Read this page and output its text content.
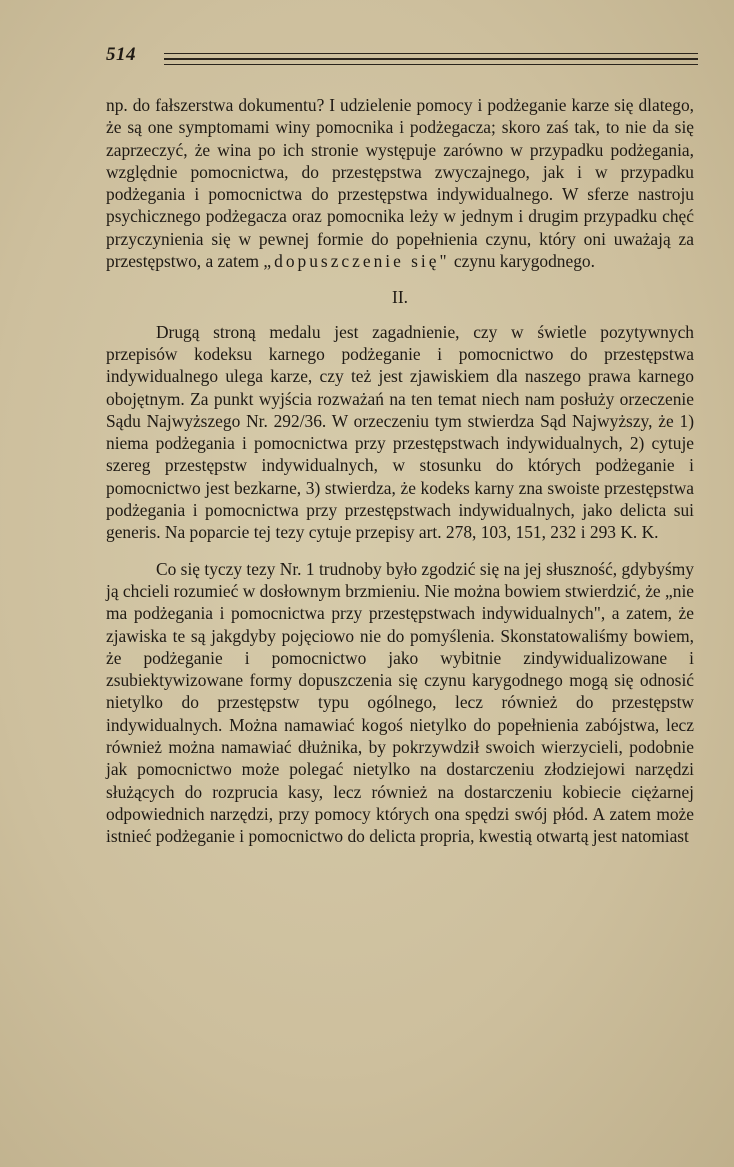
514

np. do fałszerstwa dokumentu? I udzielenie pomocy i podżeganie karze się dlatego, że są one symptomami winy pomocnika i podżegacza; skoro zaś tak, to nie da się zaprzeczyć, że wina po ich stronie występuje zarówno w przypadku podżegania, względnie pomocnictwa, do przestępstwa zwyczajnego, jak i w przypadku podżegania i pomocnictwa do przestępstwa indywidualnego. W sferze nastroju psychicznego podżegacza oraz pomocnika leży w jednym i drugim przypadku chęć przyczynienia się w pewnej formie do popełnienia czynu, który oni uważają za przestępstwo, a zatem „dopuszczenie się" czynu karygodnego.

II.

Drugą stroną medalu jest zagadnienie, czy w świetle pozytywnych przepisów kodeksu karnego podżeganie i pomocnictwo do przestępstwa indywidualnego ulega karze, czy też jest zjawiskiem dla naszego prawa karnego obojętnym. Za punkt wyjścia rozważań na ten temat niech nam posłuży orzeczenie Sądu Najwyższego Nr. 292/36. W orzeczeniu tym stwierdza Sąd Najwyższy, że 1) niema podżegania i pomocnictwa przy przestępstwach indywidualnych, 2) cytuje szereg przestępstw indywidualnych, w stosunku do których podżeganie i pomocnictwo jest bezkarne, 3) stwierdza, że kodeks karny zna swoiste przestępstwa podżegania i pomocnictwa przy przestępstwach indywidualnych, jako delicta sui generis. Na poparcie tej tezy cytuje przepisy art. 278, 103, 151, 232 i 293 K. K.

Co się tyczy tezy Nr. 1 trudnoby było zgodzić się na jej słuszność, gdybyśmy ją chcieli rozumieć w dosłownym brzmieniu. Nie można bowiem stwierdzić, że „nie ma podżegania i pomocnictwa przy przestępstwach indywidualnych", a zatem, że zjawiska te są jakgdyby pojęciowo nie do pomyślenia. Skonstatowaliśmy bowiem, że podżeganie i pomocnictwo jako wybitnie zindywidualizowane i zsubiektywizowane formy dopuszczenia się czynu karygodnego mogą się odnosić nietylko do przestępstw typu ogólnego, lecz również do przestępstw indywidualnych. Można namawiać kogoś nietylko do popełnienia zabójstwa, lecz również można namawiać dłużnika, by pokrzywdził swoich wierzycieli, podobnie jak pomocnictwo może polegać nietylko na dostarczeniu złodziejowi narzędzi służących do rozprucia kasy, lecz również na dostarczeniu kobiecie ciężarnej odpowiednich narzędzi, przy pomocy których ona spędzi swój płód. A zatem może istnieć podżeganie i pomocnictwo do delicta propria, kwestią otwartą jest natomiast
